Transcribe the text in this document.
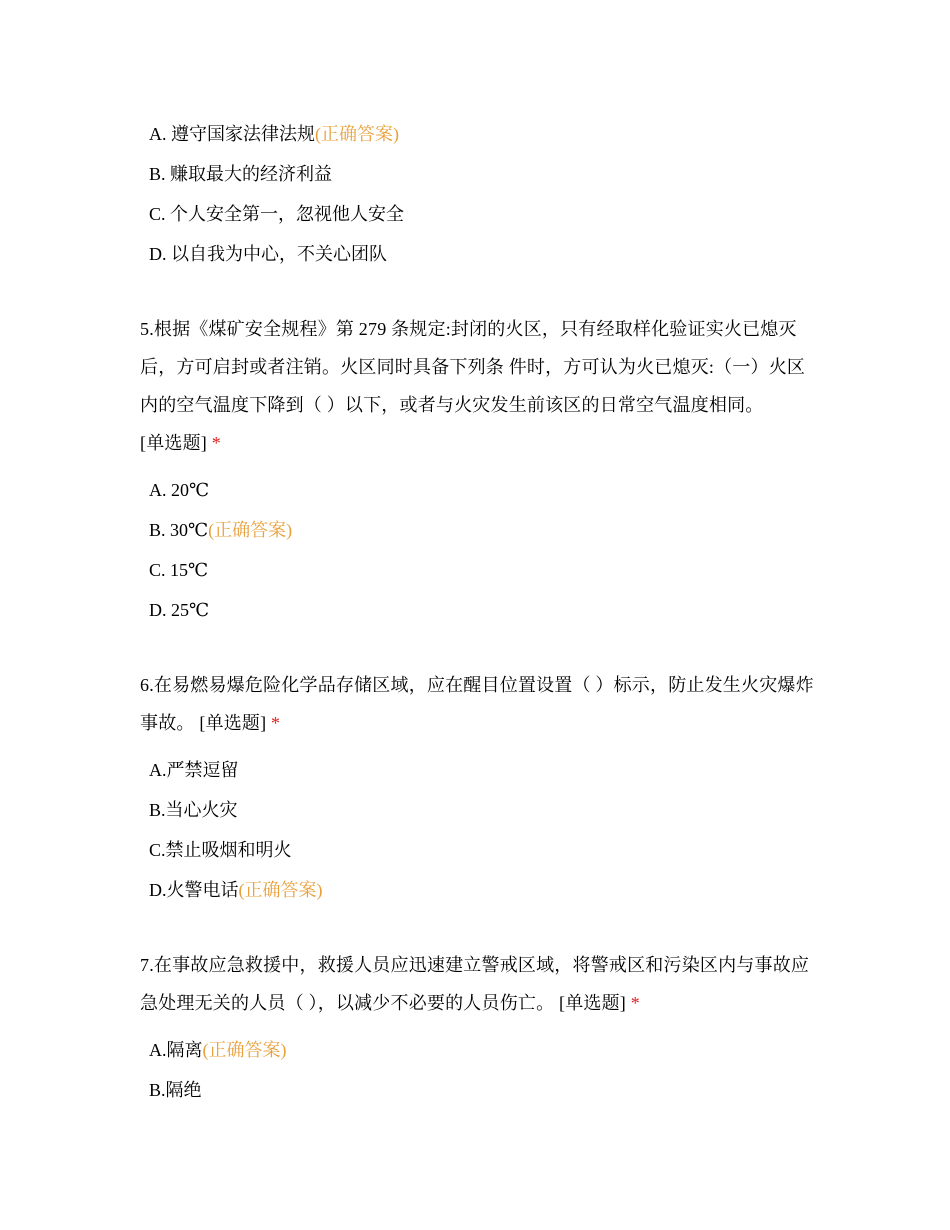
A. 遵守国家法律法规(正确答案)
B. 赚取最大的经济利益
C. 个人安全第一，忽视他人安全
D. 以自我为中心，不关心团队
5.根据《煤矿安全规程》第 279 条规定:封闭的火区，只有经取样化验证实火已熄灭后，方可启封或者注销。火区同时具备下列条 件时，方可认为火已熄灭:（一）火区内的空气温度下降到（ ）以下，或者与火灾发生前该区的日常空气温度相同。
[单选题] *
A. 20℃
B. 30℃(正确答案)
C. 15℃
D. 25℃
6.在易燃易爆危险化学品存储区域，应在醒目位置设置（ ）标示，防止发生火灾爆炸事故。 [单选题] *
A.严禁逗留
B.当心火灾
C.禁止吸烟和明火
D.火警电话(正确答案)
7.在事故应急救援中，救援人员应迅速建立警戒区域，将警戒区和污染区内与事故应急处理无关的人员（ ），以减少不必要的人员伤亡。 [单选题] *
A.隔离(正确答案)
B.隔绝
